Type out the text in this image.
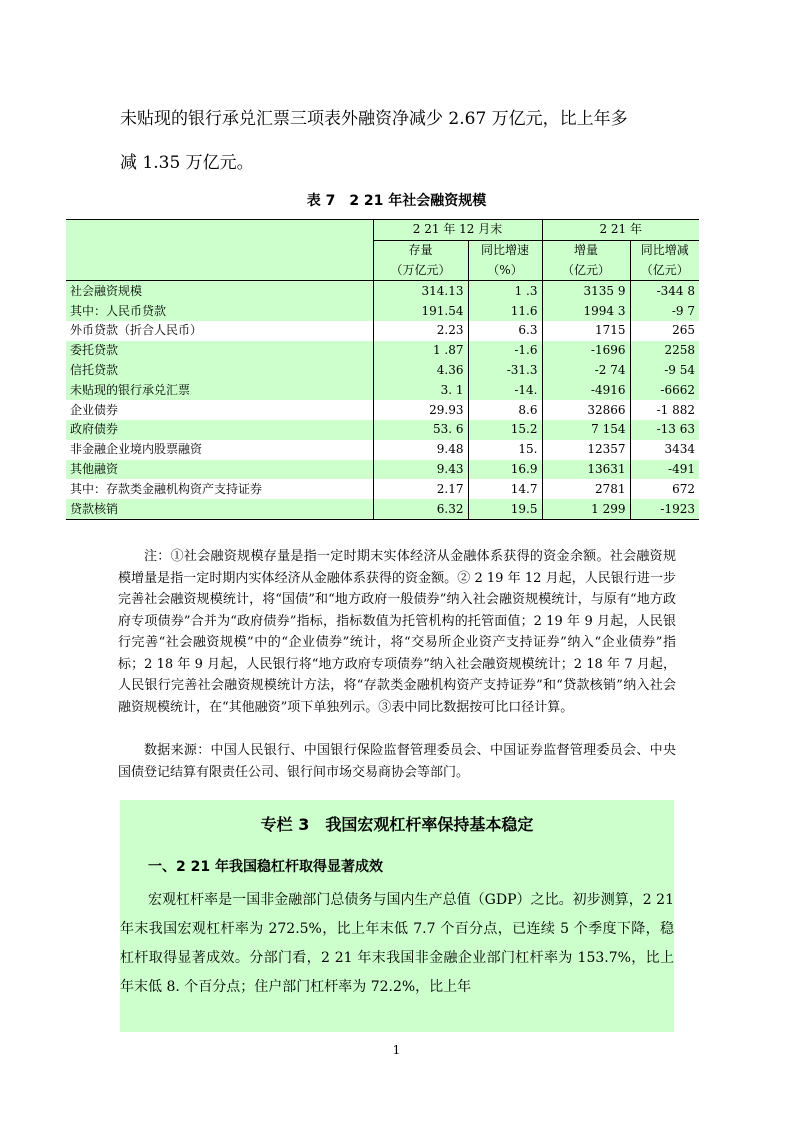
未贴现的银行承兑汇票三项表外融资净减少 2.67 万亿元，比上年多
减 1.35 万亿元。
表 7　2 21 年社会融资规模
	2 21 年 12 月末		2 21 年	
	存量	同比增速	增量	同比增减
	（万亿元）	（%）	（亿元）	（亿元）
社会融资规模	314.13	1 .3	3135 9	-344 8
其中：人民币贷款	191.54	11.6	1994 3	-9 7
外币贷款（折合人民币）	2.23	6.3	1715	265
委托贷款	1 .87	-1.6	-1696	2258
信托贷款	4.36	-31.3	-2 74	-9 54
未贴现的银行承兑汇票	3. 1	-14.	-4916	-6662
企业债券	29.93	8.6	32866	-1 882
政府债券	53. 6	15.2	7 154	-13 63
非金融企业境内股票融资	9.48	15.	12357	3434
其他融资	9.43	16.9	13631	-491
其中：存款类金融机构资产支持证券	2.17	14.7	2781	672
贷款核销	6.32	19.5	1 299	-1923

注：①社会融资规模存量是指一定时期末实体经济从金融体系获得的资金余额。社会融资规模增量是指一定时期内实体经济从金融体系获得的资金额。② 2 19 年 12 月起，人民银行进一步完善社会融资规模统计，将“国债”和“地方政府一般债券”纳入社会融资规模统计，与原有“地方政府专项债券”合并为“政府债券”指标，指标数值为托管机构的托管面值；2 19 年 9 月起，人民银行完善“社会融资规模”中的“企业债券”统计，将“交易所企业资产支持证券”纳入“企业债券”指标；2 18 年 9 月起，人民银行将“地方政府专项债券”纳入社会融资规模统计；2 18 年 7 月起，人民银行完善社会融资规模统计方法，将“存款类金融机构资产支持证券”和“贷款核销”纳入社会融资规模统计，在“其他融资”项下单独列示。③表中同比数据按可比口径计算。

数据来源：中国人民银行、中国银行保险监督管理委员会、中国证券监督管理委员会、中央国债登记结算有限责任公司、银行间市场交易商协会等部门。

专栏 3　我国宏观杠杆率保持基本稳定
一、2 21 年我国稳杠杆取得显著成效

宏观杠杆率是一国非金融部门总债务与国内生产总值（GDP）之比。初步测算，2 21 年末我国宏观杠杆率为 272.5%，比上年末低 7.7 个百分点，已连续 5 个季度下降，稳杠杆取得显著成效。分部门看，2 21 年末我国非金融企业部门杠杆率为 153.7%，比上年末低 8. 个百分点；住户部门杠杆率为 72.2%，比上年

1
